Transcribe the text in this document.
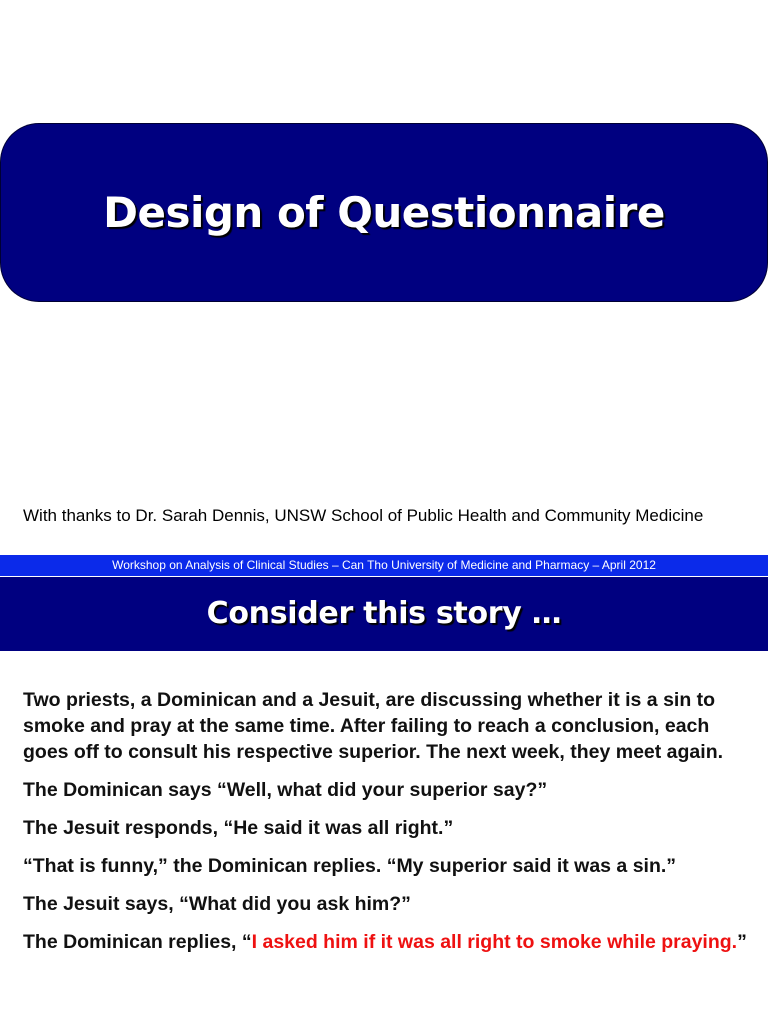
Design of Questionnaire
With thanks to Dr. Sarah Dennis, UNSW School of Public Health and Community Medicine
Workshop on Analysis of Clinical Studies – Can Tho University of Medicine and Pharmacy – April 2012
Consider this story …

Two priests, a Dominican and a Jesuit, are discussing whether it is a sin to smoke and pray at the same time. After failing to reach a conclusion, each goes off to consult his respective superior. The next week, they meet again.

The Dominican says “Well, what did your superior say?”

The Jesuit responds, “He said it was all right.”

“That is funny,” the Dominican replies. “My superior said it was a sin.”

The Jesuit says, “What did you ask him?”

The Dominican replies, “I asked him if it was all right to smoke while praying.”
